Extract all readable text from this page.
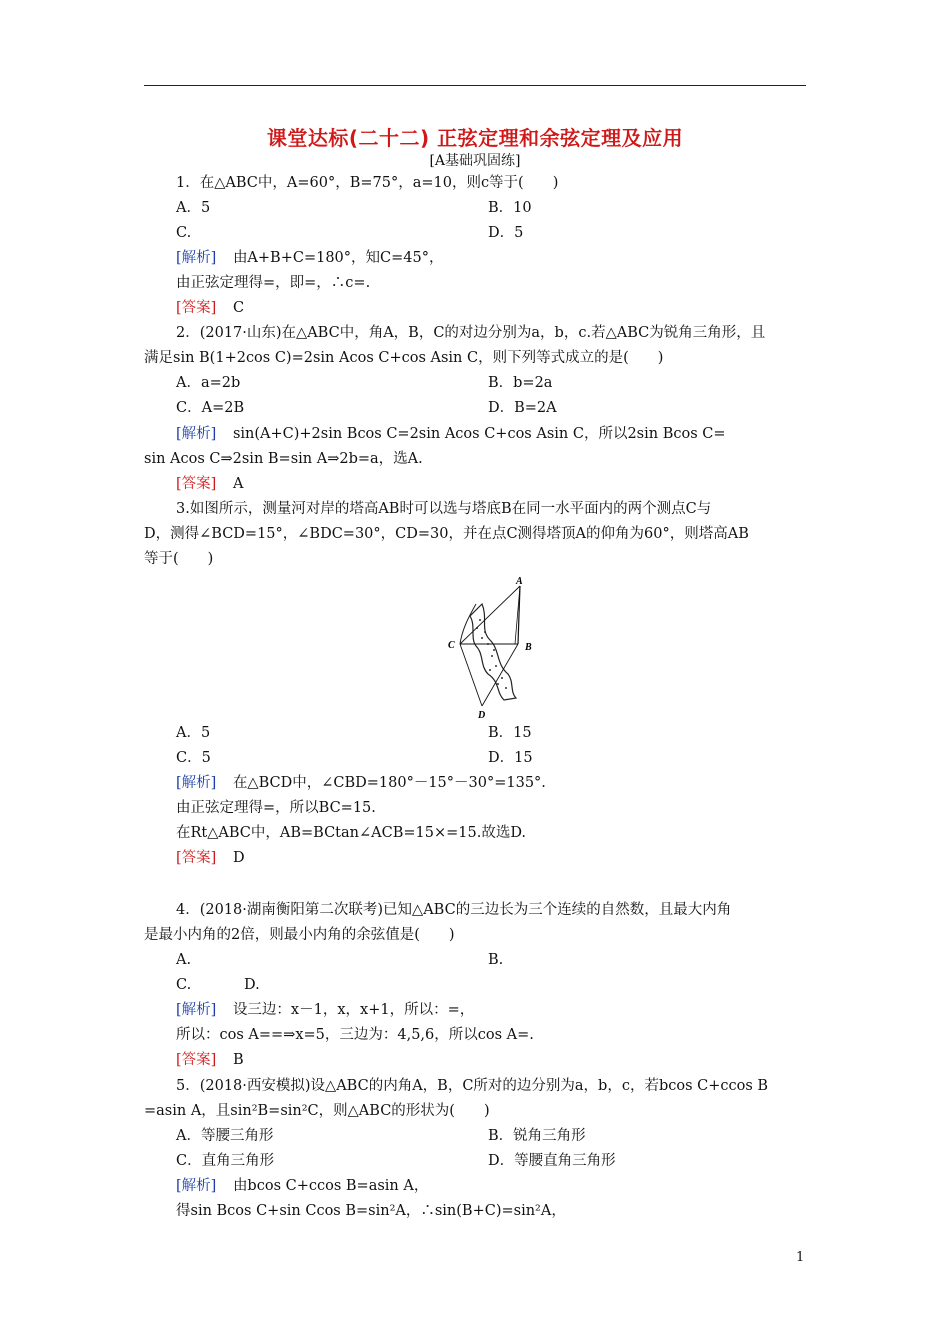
课堂达标(二十二) 正弦定理和余弦定理及应用
[A基础巩固练]
1．在△ABC中，A=60°，B=75°，a=10，则c等于(　　)
A．5	B．10
C.	D．5
[解析] 由A+B+C=180°，知C=45°，
由正弦定理得=，即=，∴c=.
[答案] C
2．(2017·山东)在△ABC中，角A，B，C的对边分别为a，b，c.若△ABC为锐角三角形，且
满足sin B(1+2cos C)=2sin Acos C+cos Asin C，则下列等式成立的是(　　)
A．a=2b	B．b=2a
C．A=2B	D．B=2A
[解析] sin(A+C)+2sin Bcos C=2sin Acos C+cos Asin C，所以2sin Bcos C=
sin Acos C⇒2sin B=sin A⇒2b=a，选A.
[答案] A
3.如图所示，测量河对岸的塔高AB时可以选与塔底B在同一水平面内的两个测点C与
D，测得∠BCD=15°，∠BDC=30°，CD=30，并在点C测得塔顶A的仰角为60°，则塔高AB
等于(　　)
A
B
C
D
A．5	B．15
C．5	D．15
[解析] 在△BCD中，∠CBD=180°－15°－30°=135°.
由正弦定理得=，所以BC=15.
在Rt△ABC中，AB=BCtan∠ACB=15×=15.故选D.
[答案] D
4．(2018·湖南衡阳第二次联考)已知△ABC的三边长为三个连续的自然数，且最大内角
是最小内角的2倍，则最小内角的余弦值是(　　)
A.	B.
C.	D.
[解析] 设三边：x－1，x，x+1，所以：=，
所以：cos A==⇒x=5，三边为：4,5,6，所以cos A=.
[答案] B
5．(2018·西安模拟)设△ABC的内角A，B，C所对的边分别为a，b，c，若bcos C+ccos B
=asin A，且sin²B=sin²C，则△ABC的形状为(　　)
A．等腰三角形	B．锐角三角形
C．直角三角形	D．等腰直角三角形
[解析] 由bcos C+ccos B=asin A，
得sin Bcos C+sin Ccos B=sin²A，∴sin(B+C)=sin²A，
1
